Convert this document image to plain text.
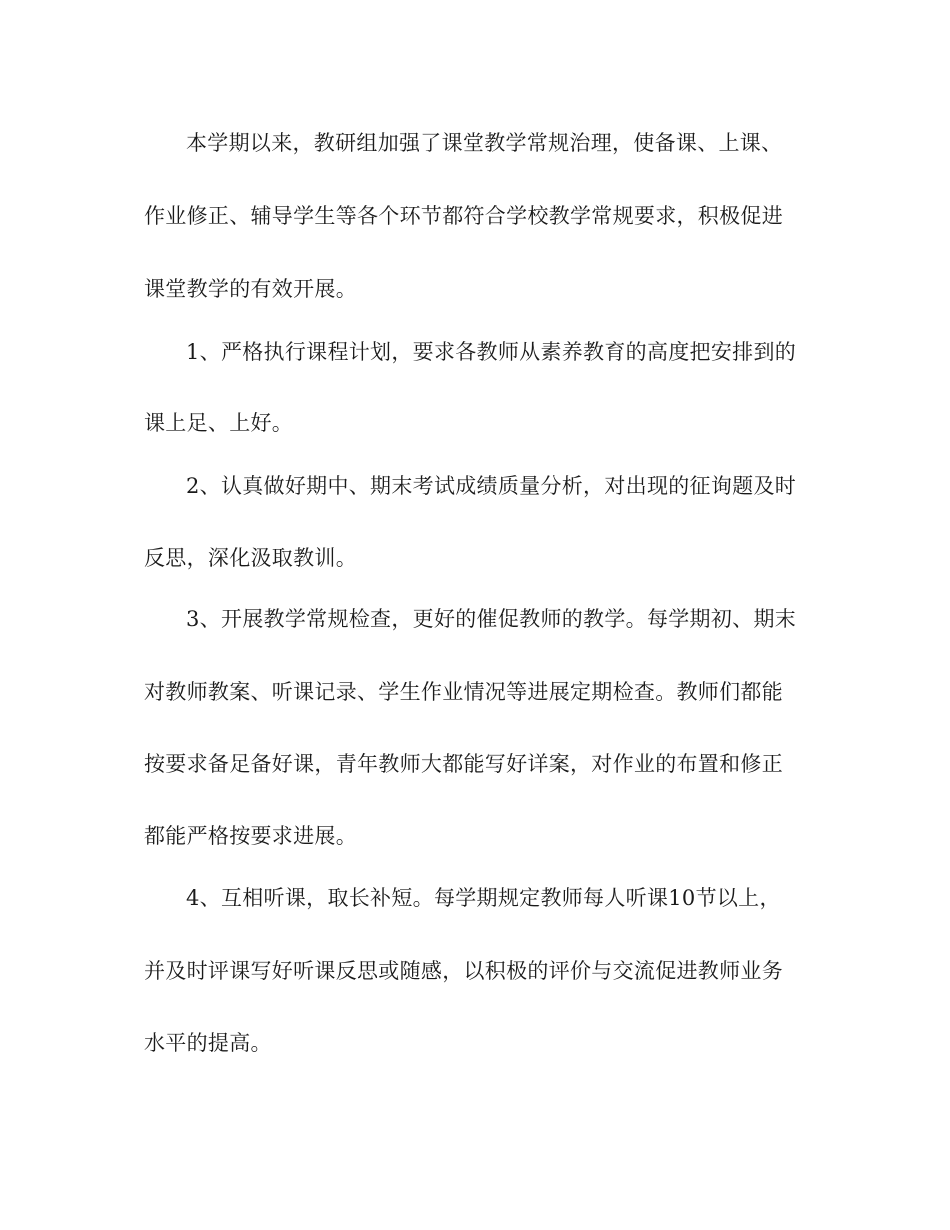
本学期以来，教研组加强了课堂教学常规治理，使备课、上课、
作业修正、辅导学生等各个环节都符合学校教学常规要求，积极促进
课堂教学的有效开展。
1、严格执行课程计划，要求各教师从素养教育的高度把安排到的
课上足、上好。
2、认真做好期中、期末考试成绩质量分析，对出现的征询题及时
反思，深化汲取教训。
3、开展教学常规检查，更好的催促教师的教学。每学期初、期末
对教师教案、听课记录、学生作业情况等进展定期检查。教师们都能
按要求备足备好课，青年教师大都能写好详案，对作业的布置和修正
都能严格按要求进展。
4、互相听课，取长补短。每学期规定教师每人听课10节以上，
并及时评课写好听课反思或随感，以积极的评价与交流促进教师业务
水平的提高。
